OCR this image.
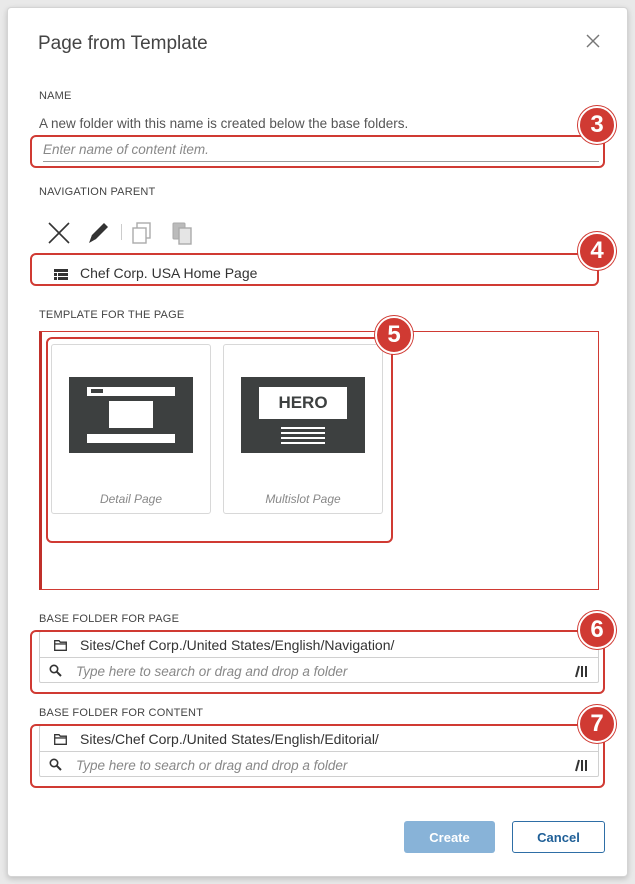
Page from Template
NAME
A new folder with this name is created below the base folders.
Enter name of content item.	3
NAVIGATION PARENT
Chef Corp. USA Home Page
4
TEMPLATE FOR THE PAGE
Detail Page
HERO
Multislot Page
5
BASE FOLDER FOR PAGE
Sites/Chef Corp./United States/English/Navigation/
Type here to search or drag and drop a folder
6
BASE FOLDER FOR CONTENT
Sites/Chef Corp./United States/English/Editorial/
Type here to search or drag and drop a folder
7
Create	Cancel
